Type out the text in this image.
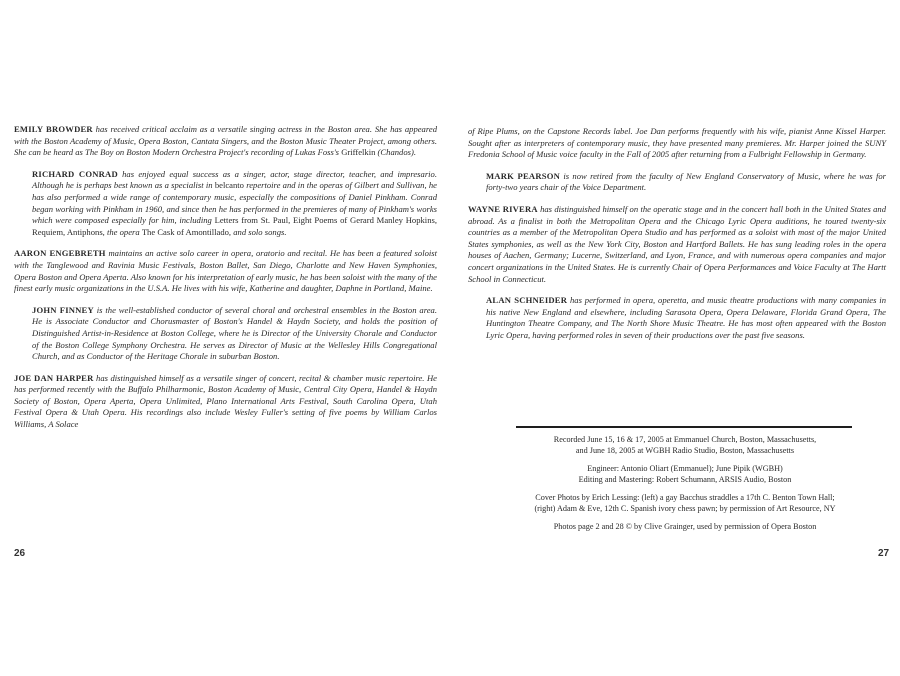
EMILY BROWDER has received critical acclaim as a versatile singing actress in the Boston area. She has appeared with the Boston Academy of Music, Opera Boston, Cantata Singers, and the Boston Music Theater Project, among others. She can be heard as The Boy on Boston Modern Orchestra Project's recording of Lukas Foss's Griffelkin (Chandos).

RICHARD CONRAD has enjoyed equal success as a singer, actor, stage director, teacher, and impresario. Although he is perhaps best known as a specialist in belcanto repertoire and in the operas of Gilbert and Sullivan, he has also performed a wide range of contemporary music, especially the compositions of Daniel Pinkham. Conrad began working with Pinkham in 1960, and since then he has performed in the premieres of many of Pinkham's works which were composed especially for him, including Letters from St. Paul, Eight Poems of Gerard Manley Hopkins, Requiem, Antiphons, the opera The Cask of Amontillado, and solo songs.

AARON ENGEBRETH maintains an active solo career in opera, oratorio and recital. He has been a featured soloist with the Tanglewood and Ravinia Music Festivals, Boston Ballet, San Diego, Charlotte and New Haven Symphonies, Opera Boston and Opera Aperta. Also known for his interpretation of early music, he has been soloist with the many of the finest early music organizations in the U.S.A. He lives with his wife, Katherine and daughter, Daphne in Portland, Maine.

JOHN FINNEY is the well-established conductor of several choral and orchestral ensembles in the Boston area. He is Associate Conductor and Chorusmaster of Boston's Handel & Haydn Society, and holds the position of Distinguished Artist-in-Residence at Boston College, where he is Director of the University Chorale and Conductor of the Boston College Symphony Orchestra. He serves as Director of Music at the Wellesley Hills Congregational Church, and as Conductor of the Heritage Chorale in suburban Boston.

JOE DAN HARPER has distinguished himself as a versatile singer of concert, recital & chamber music repertoire. He has performed recently with the Buffalo Philharmonic, Boston Academy of Music, Central City Opera, Handel & Haydn Society of Boston, Opera Aperta, Opera Unlimited, Plano International Arts Festival, South Carolina Opera, Utah Festival Opera & Utah Opera. His recordings also include Wesley Fuller's setting of five poems by William Carlos Williams, A Solace

26

of Ripe Plums, on the Capstone Records label. Joe Dan performs frequently with his wife, pianist Anne Kissel Harper. Sought after as interpreters of contemporary music, they have presented many premieres. Mr. Harper joined the SUNY Fredonia School of Music voice faculty in the Fall of 2005 after returning from a Fulbright Fellowship in Germany.

MARK PEARSON is now retired from the faculty of New England Conservatory of Music, where he was for forty-two years chair of the Voice Department.

WAYNE RIVERA has distinguished himself on the operatic stage and in the concert hall both in the United States and abroad. As a finalist in both the Metropolitan Opera and the Chicago Lyric Opera auditions, he toured twenty-six countries as a member of the Metropolitan Opera Studio and has performed as a soloist with most of the major United States symphonies, as well as the New York City, Boston and Hartford Ballets. He has sung leading roles in the opera houses of Aachen, Germany; Lucerne, Switzerland, and Lyon, France, and with numerous opera companies and major concert organizations in the United States. He is currently Chair of Opera Performances and Voice Faculty at The Hartt School in Connecticut.

ALAN SCHNEIDER has performed in opera, operetta, and music theatre productions with many companies in his native New England and elsewhere, including Sarasota Opera, Opera Delaware, Florida Grand Opera, The Huntington Theatre Company, and The North Shore Music Theatre. He has most often appeared with the Boston Lyric Opera, having performed roles in seven of their productions over the past five seasons.

Recorded June 15, 16 & 17, 2005 at Emmanuel Church, Boston, Massachusetts,
and June 18, 2005 at WGBH Radio Studio, Boston, Massachusetts
Engineer: Antonio Oliart (Emmanuel); June Pipik (WGBH)
Editing and Mastering: Robert Schumann, ARSIS Audio, Boston
Cover Photos by Erich Lessing: (left) a gay Bacchus straddles a 17th C. Benton Town Hall;
(right) Adam & Eve, 12th C. Spanish ivory chess pawn; by permission of Art Resource, NY
Photos page 2 and 28 © by Clive Grainger, used by permission of Opera Boston
27
